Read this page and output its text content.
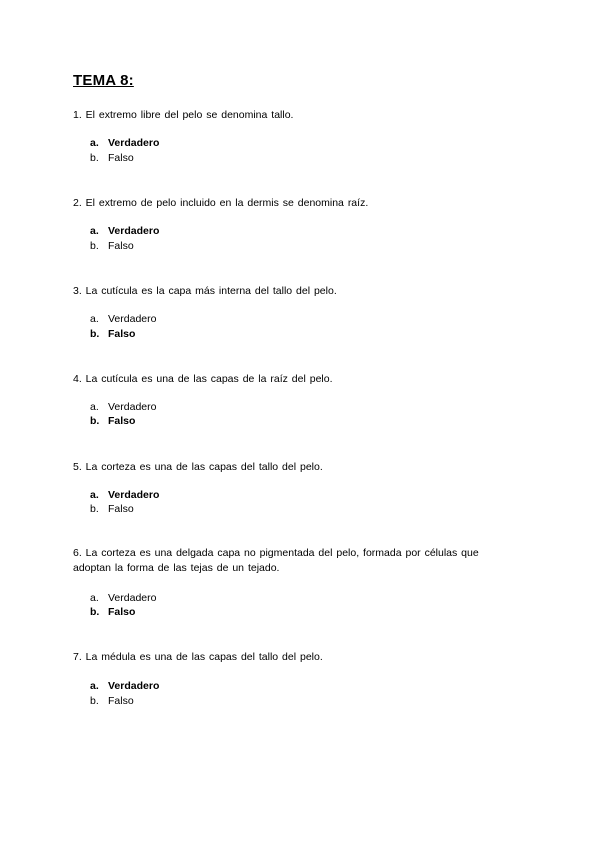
TEMA 8:
1. El extremo libre del pelo se denomina tallo.
a. Verdadero
b. Falso
2. El extremo de pelo incluido en la dermis se denomina raíz.
a. Verdadero
b. Falso
3. La cutícula es la capa más interna del tallo del pelo.
a. Verdadero
b. Falso
4. La cutícula es una de las capas de la raíz del pelo.
a. Verdadero
b. Falso
5. La corteza es una de las capas del tallo del pelo.
a. Verdadero
b. Falso
6. La corteza es una delgada capa no pigmentada del pelo, formada por células que adoptan la forma de las tejas de un tejado.
a. Verdadero
b. Falso
7. La médula es una de las capas del tallo del pelo.
a. Verdadero
b. Falso
